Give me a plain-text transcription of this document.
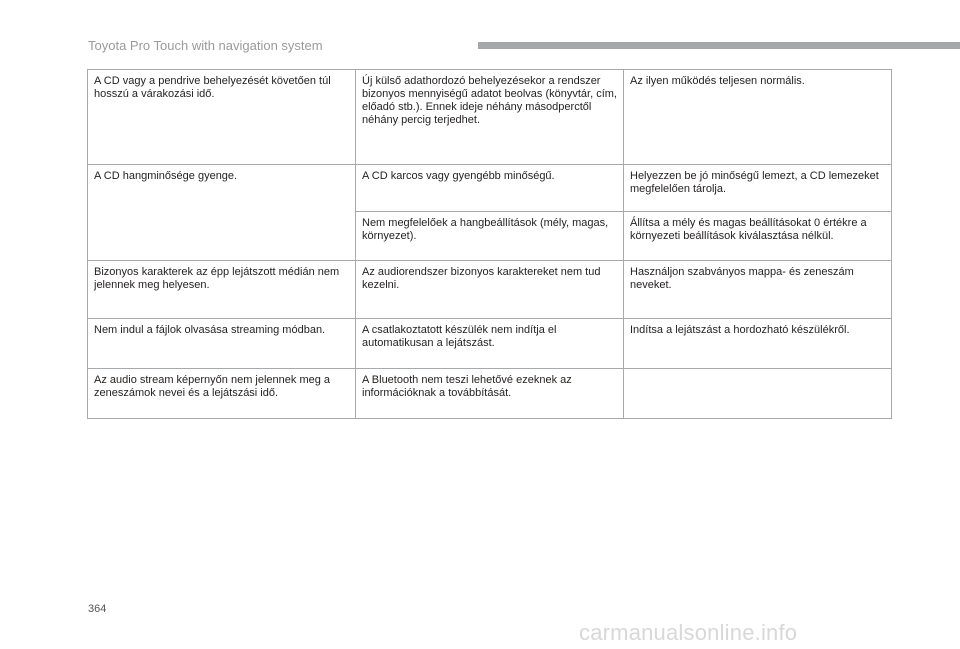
Toyota Pro Touch with navigation system
A CD vagy a pendrive behelyezését követően túl hosszú a várakozási idő.	Új külső adathordozó behelyezésekor a rendszer bizonyos mennyiségű adatot beolvas (könyvtár, cím, előadó stb.). Ennek ideje néhány másodperctől néhány percig terjedhet.	Az ilyen működés teljesen normális.
A CD hangminősége gyenge.	A CD karcos vagy gyengébb minőségű.	Helyezzen be jó minőségű lemezt, a CD lemezeket megfelelően tárolja.
	Nem megfelelőek a hangbeállítások (mély, magas, környezet).	Állítsa a mély és magas beállításokat 0 értékre a környezeti beállítások kiválasztása nélkül.
Bizonyos karakterek az épp lejátszott médián nem jelennek meg helyesen.	Az audiorendszer bizonyos karaktereket nem tud kezelni.	Használjon szabványos mappa- és zeneszám neveket.
Nem indul a fájlok olvasása streaming módban.	A csatlakoztatott készülék nem indítja el automatikusan a lejátszást.	Indítsa a lejátszást a hordozható készülékről.
Az audio stream képernyőn nem jelennek meg a zeneszámok nevei és a lejátszási idő.	A Bluetooth nem teszi lehetővé ezeknek az információknak a továbbítását.	
364
carmanualsonline.info
